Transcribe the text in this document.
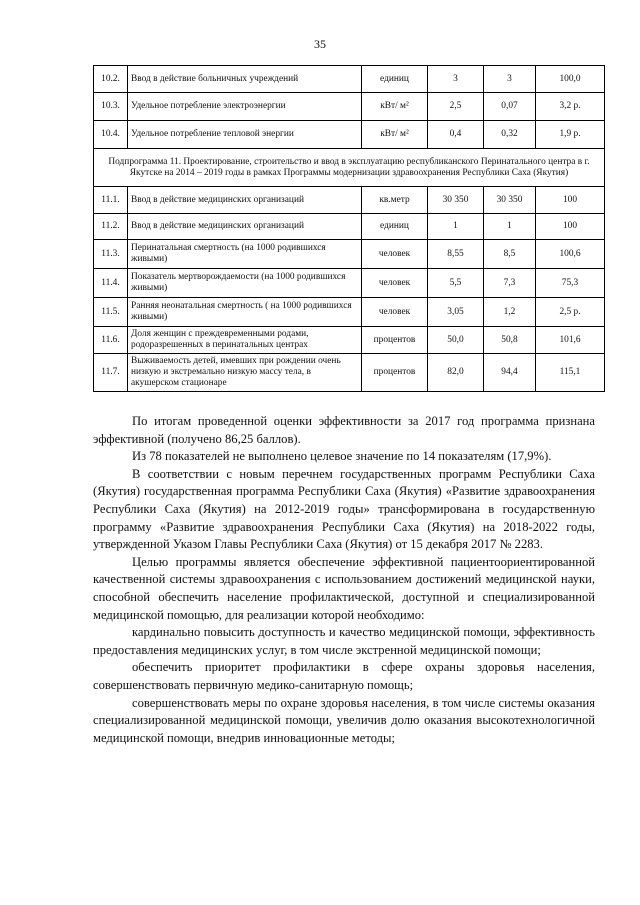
35
10.2.	Ввод в действие больничных учреждений	единиц	3	3	100,0
10.3.	Удельное потребление электроэнергии	кВт/ м²	2,5	0,07	3,2 р.
10.4.	Удельное потребление тепловой энергии	кВт/ м²	0,4	0,32	1,9 р.
Подпрограмма 11. Проектирование, строительство и ввод в эксплуатацию республиканского Перинатального центра в г. Якутске на 2014 – 2019 годы в рамках Программы модернизации здравоохранения Республики Саха (Якутия)					
11.1.	Ввод в действие медицинских организаций	кв.метр	30 350	30 350	100
11.2.	Ввод в действие медицинских организаций	единиц	1	1	100
11.3.	Перинатальная смертность (на 1000 родившихся живыми)	человек	8,55	8,5	100,6
11.4.	Показатель мертворождаемости (на 1000 родившихся живыми)	человек	5,5	7,3	75,3
11.5.	Ранняя неонатальная смертность ( на 1000 родившихся живыми)	человек	3,05	1,2	2,5 р.
11.6.	Доля женщин с преждевременными родами, родоразрешенных в перинатальных центрах	процентов	50,0	50,8	101,6
11.7.	Выживаемость детей, имевших при рождении очень низкую и экстремально низкую массу тела, в акушерском стационаре	процентов	82,0	94,4	115,1

По итогам проведенной оценки эффективности за 2017 год программа признана эффективной (получено 86,25 баллов).

Из 78 показателей не выполнено целевое значение по 14 показателям (17,9%).

В соответствии с новым перечнем государственных программ Республики Саха (Якутия) государственная программа Республики Саха (Якутия) «Развитие здравоохранения Республики Саха (Якутия) на 2012-2019 годы» трансформирована в государственную программу «Развитие здравоохранения Республики Саха (Якутия) на 2018-2022 годы, утвержденной Указом Главы Республики Саха (Якутия) от 15 декабря 2017 № 2283.

Целью программы является обеспечение эффективной пациентоориентированной качественной системы здравоохранения с использованием достижений медицинской науки, способной обеспечить население профилактической, доступной и специализированной медицинской помощью, для реализации которой необходимо:

кардинально повысить доступность и качество медицинской помощи, эффективность предоставления медицинских услуг, в том числе экстренной медицинской помощи;

обеспечить приоритет профилактики в сфере охраны здоровья населения, совершенствовать первичную медико-санитарную помощь;

совершенствовать меры по охране здоровья населения, в том числе системы оказания специализированной медицинской помощи, увеличив долю оказания высокотехнологичной медицинской помощи, внедрив инновационные методы;
